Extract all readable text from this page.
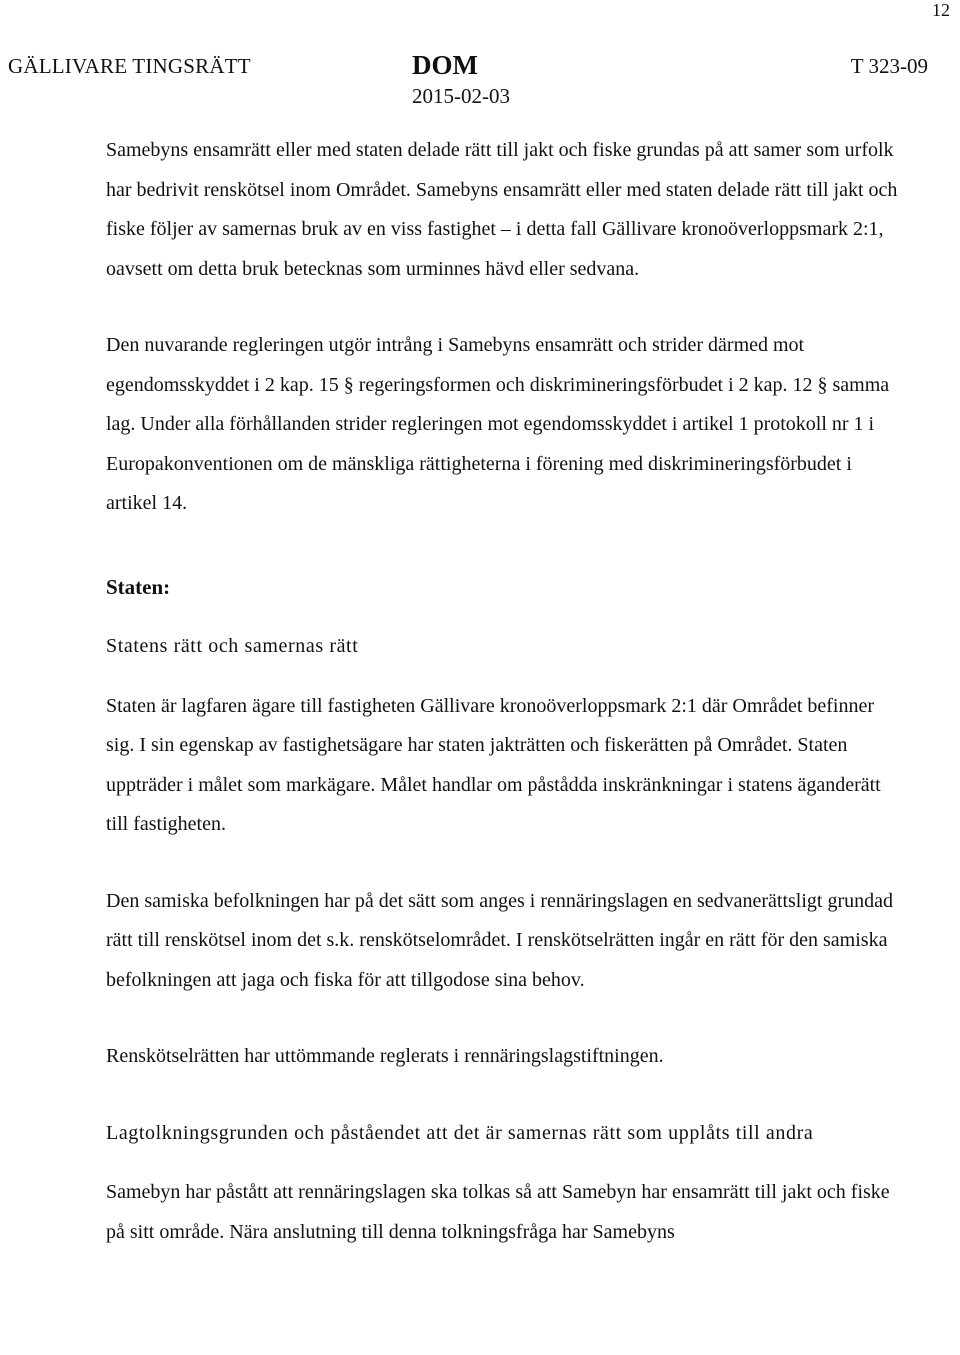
12
GÄLLIVARE TINGSRÄTT	DOM
2015-02-03
T 323-09

Samebyns ensamrätt eller med staten delade rätt till jakt och fiske grundas på att samer som urfolk har bedrivit renskötsel inom Området. Samebyns ensamrätt eller med staten delade rätt till jakt och fiske följer av samernas bruk av en viss fastighet – i detta fall Gällivare kronoöverloppsmark 2:1, oavsett om detta bruk betecknas som urminnes hävd eller sedvana.

Den nuvarande regleringen utgör intrång i Samebyns ensamrätt och strider därmed mot egendomsskyddet i 2 kap. 15 § regeringsformen och diskrimineringsförbudet i 2 kap. 12 § samma lag. Under alla förhållanden strider regleringen mot egendomsskyddet i artikel 1 protokoll nr 1 i Europakonventionen om de mänskliga rättigheterna i förening med diskrimineringsförbudet i artikel 14.

Staten:

Statens rätt och samernas rätt

Staten är lagfaren ägare till fastigheten Gällivare kronoöverloppsmark 2:1 där Området befinner sig. I sin egenskap av fastighetsägare har staten jakträtten och fiskerätten på Området. Staten uppträder i målet som markägare. Målet handlar om påstådda inskränkningar i statens äganderätt till fastigheten.

Den samiska befolkningen har på det sätt som anges i rennäringslagen en sedvanerättsligt grundad rätt till renskötsel inom det s.k. renskötselområdet. I renskötselrätten ingår en rätt för den samiska befolkningen att jaga och fiska för att tillgodose sina behov.

Renskötselrätten har uttömmande reglerats i rennäringslagstiftningen.

Lagtolkningsgrunden och påståendet att det är samernas rätt som upplåts till andra

Samebyn har påstått att rennäringslagen ska tolkas så att Samebyn har ensamrätt till jakt och fiske på sitt område. Nära anslutning till denna tolkningsfråga har Samebyns
